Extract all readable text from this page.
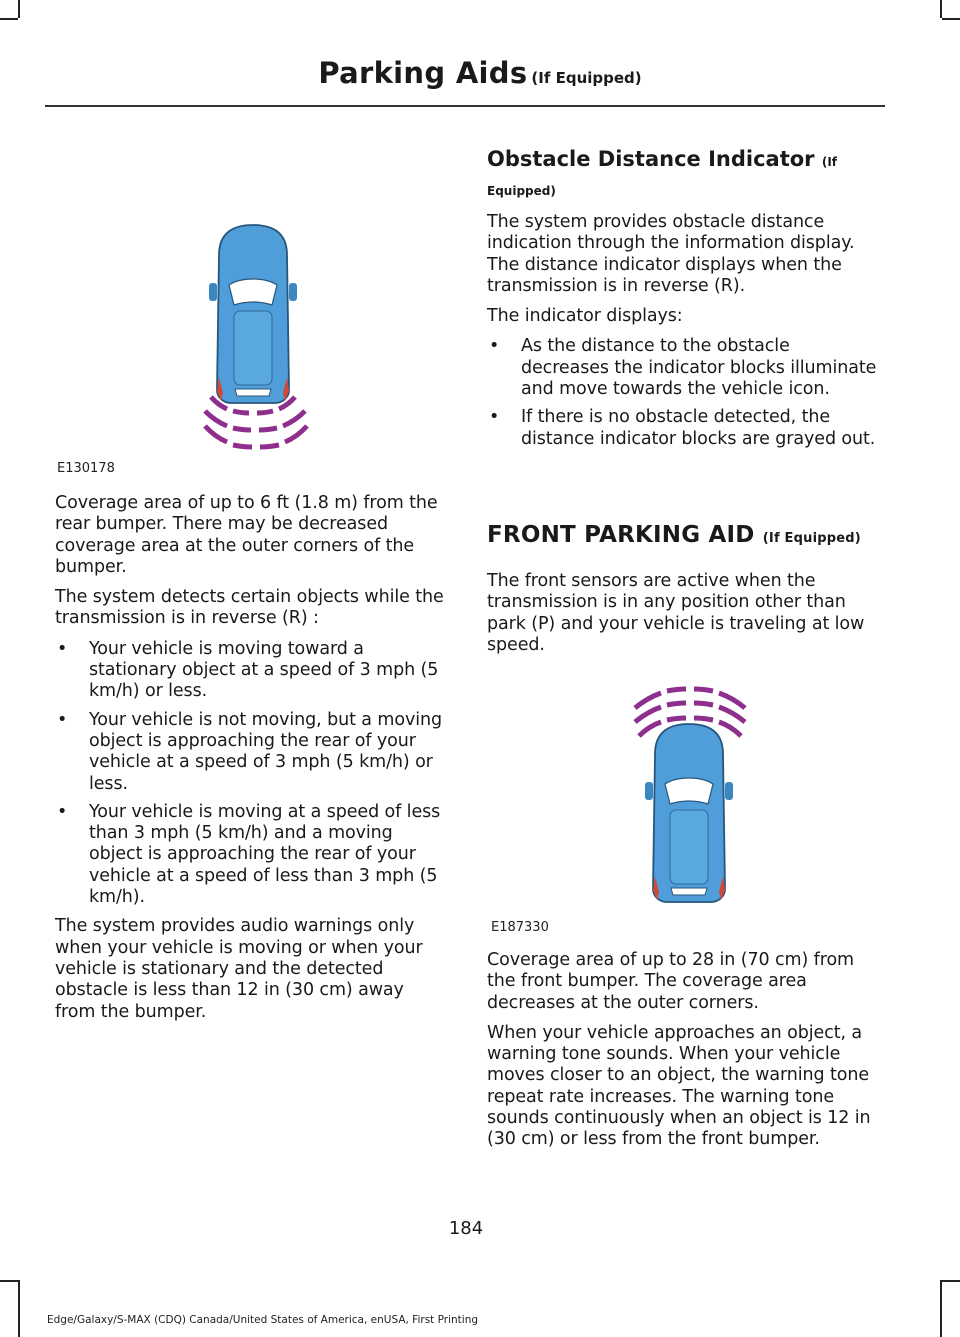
Parking Aids (If Equipped)
E130178

Coverage area of up to 6 ft (1.8 m) from the rear bumper. There may be decreased coverage area at the outer corners of the bumper.

The system detects certain objects while the transmission is in reverse (R) :

• Your vehicle is moving toward a stationary object at a speed of 3 mph (5 km/h) or less.
• Your vehicle is not moving, but a moving object is approaching the rear of your vehicle at a speed of 3 mph (5 km/h) or less.
• Your vehicle is moving at a speed of less than 3 mph (5 km/h) and a moving object is approaching the rear of your vehicle at a speed of less than 3 mph (5 km/h).

The system provides audio warnings only when your vehicle is moving or when your vehicle is stationary and the detected obstacle is less than 12 in (30 cm) away from the bumper.

Obstacle Distance Indicator (If Equipped)

The system provides obstacle distance indication through the information display. The distance indicator displays when the transmission is in reverse (R).

The indicator displays:

• As the distance to the obstacle decreases the indicator blocks illuminate and move towards the vehicle icon.
• If there is no obstacle detected, the distance indicator blocks are grayed out.
FRONT PARKING AID (If Equipped)

The front sensors are active when the transmission is in any position other than park (P) and your vehicle is traveling at low speed.

E187330

Coverage area of up to 28 in (70 cm) from the front bumper. The coverage area decreases at the outer corners.

When your vehicle approaches an object, a warning tone sounds. When your vehicle moves closer to an object, the warning tone repeat rate increases. The warning tone sounds continuously when an object is 12 in (30 cm) or less from the front bumper.

184
Edge/Galaxy/S-MAX (CDQ) Canada/United States of America, enUSA, First Printing
